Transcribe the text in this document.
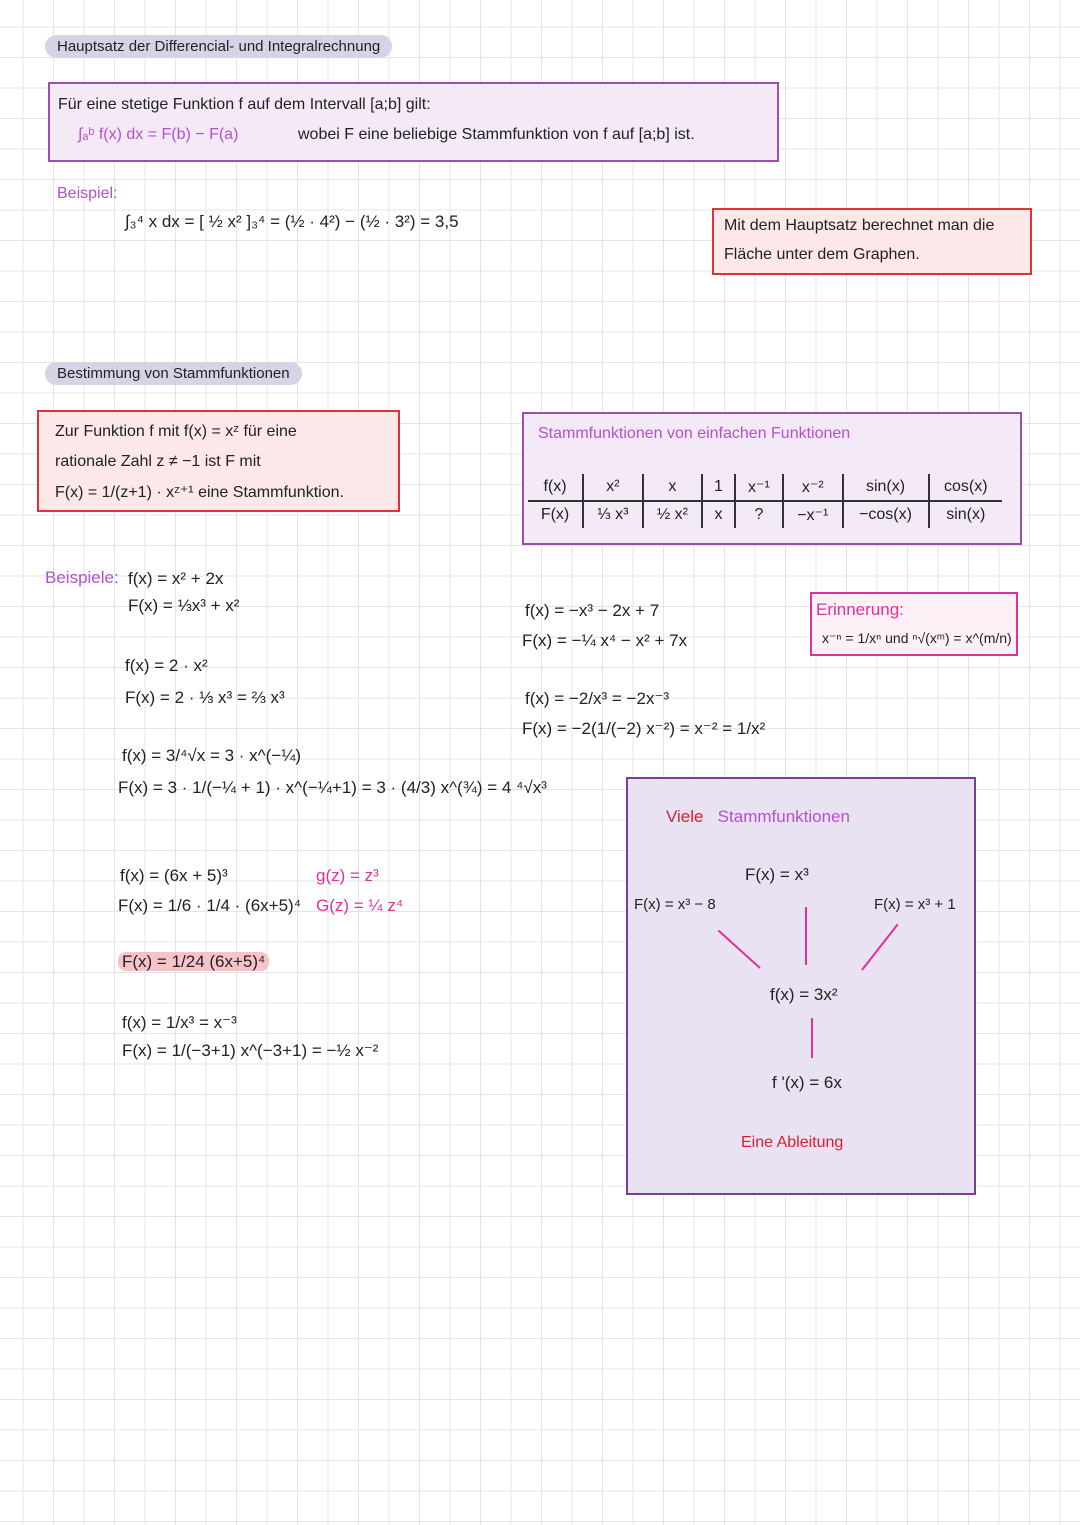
Hauptsatz der Differencial- und Integralrechnung
Für eine stetige Funktion f auf dem Intervall [a;b] gilt:
∫ₐᵇ f(x) dx = F(b) − F(a)	wobei F eine beliebige Stammfunktion von f auf [a;b] ist.
Beispiel:
∫₃⁴ x dx = [ ½ x² ]₃⁴ = (½ · 4²) − (½ · 3²) = 3,5	Mit dem Hauptsatz berechnet man die
Fläche unter dem Graphen.
Bestimmung von Stammfunktionen
Zur Funktion f mit f(x) = xᶻ für eine
rationale Zahl z ≠ −1 ist F mit
F(x) = 1/(z+1) · xᶻ⁺¹ eine Stammfunktion.
Stammfunktionen von einfachen Funktionen
f(x)	x²	x	1	x⁻¹	x⁻²	sin(x)	cos(x)
F(x)	⅓ x³	½ x²	x	?	−x⁻¹	−cos(x)	sin(x)
Beispiele: f(x) = x² + 2x
F(x) = ⅓x³ + x²
f(x) = 2 · x²
F(x) = 2 · ⅓ x³ = ⅔ x³
f(x) = 3/⁴√x = 3 · x^(−¼)
F(x) = 3 · 1/(−¼ + 1) · x^(−¼+1) = 3 · (4/3) x^(¾) = 4 ⁴√x³
f(x) = (6x + 5)³
F(x) = 1/6 · 1/4 · (6x+5)⁴
F(x) = 1/24 (6x+5)⁴
f(x) = 1/x³ = x⁻³
F(x) = 1/(−3+1) x^(−3+1) = −½ x⁻²
g(z) = z³
G(z) = ¼ z⁴
f(x) = −x³ − 2x + 7
F(x) = −¼ x⁴ − x² + 7x
f(x) = −2/x³ = −2x⁻³
F(x) = −2(1/(−2) x⁻²) = x⁻² = 1/x²
Erinnerung:
x⁻ⁿ = 1/xⁿ und ⁿ√(xᵐ) = x^(m/n)
Viele Stammfunktionen
F(x) = x³
F(x) = x³ − 8	F(x) = x³ + 1
f(x) = 3x²
f '(x) = 6x
Eine Ableitung
